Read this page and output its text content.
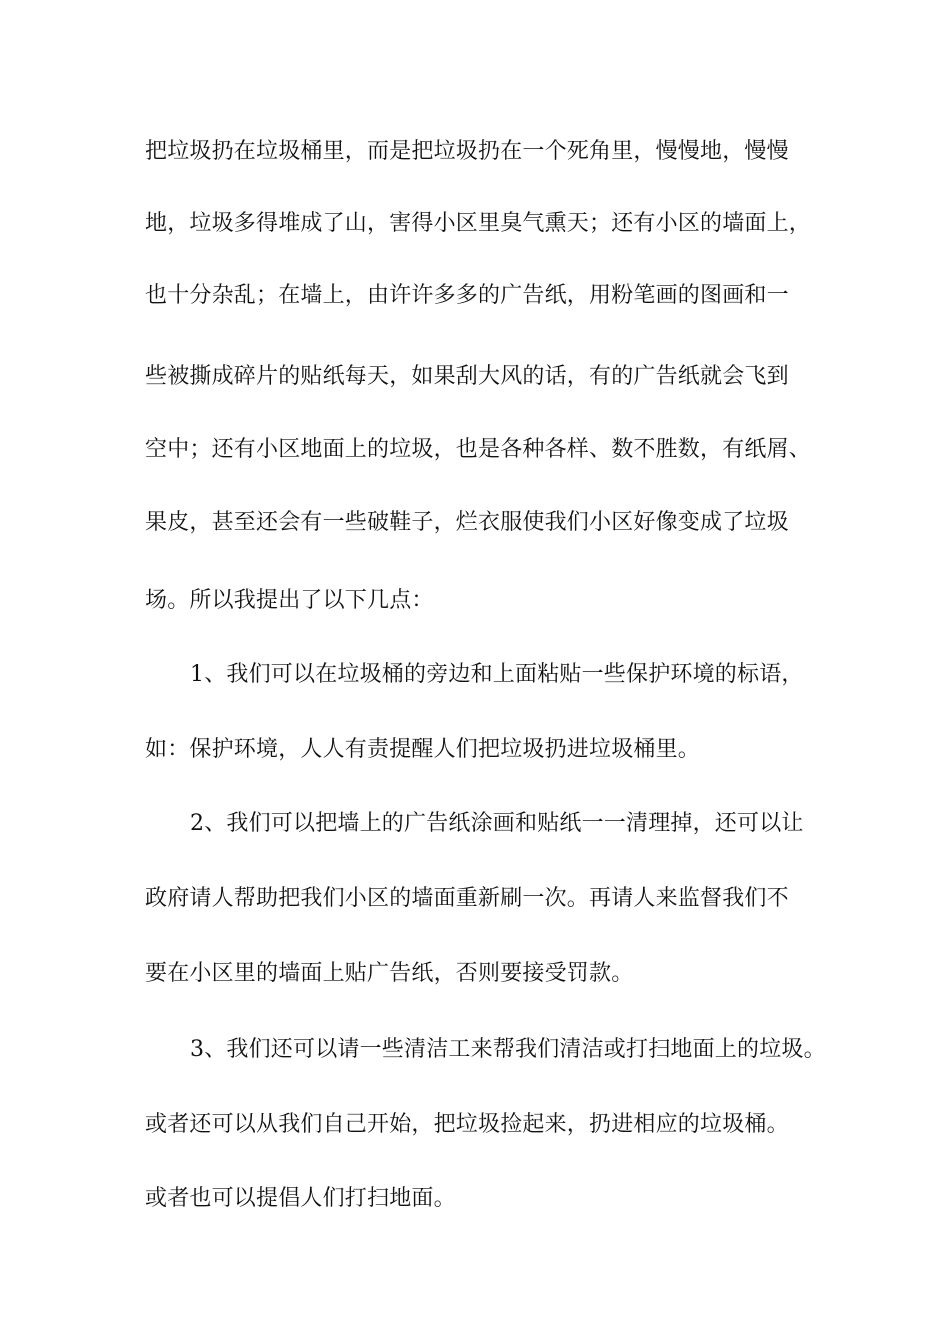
把垃圾扔在垃圾桶里，而是把垃圾扔在一个死角里，慢慢地，慢慢
地，垃圾多得堆成了山，害得小区里臭气熏天；还有小区的墙面上，
也十分杂乱；在墙上，由许许多多的广告纸，用粉笔画的图画和一
些被撕成碎片的贴纸每天，如果刮大风的话，有的广告纸就会飞到
空中；还有小区地面上的垃圾，也是各种各样、数不胜数，有纸屑、
果皮，甚至还会有一些破鞋子，烂衣服使我们小区好像变成了垃圾
场。所以我提出了以下几点：
1、我们可以在垃圾桶的旁边和上面粘贴一些保护环境的标语，
如：保护环境，人人有责提醒人们把垃圾扔进垃圾桶里。
2、我们可以把墙上的广告纸涂画和贴纸一一清理掉，还可以让
政府请人帮助把我们小区的墙面重新刷一次。再请人来监督我们不
要在小区里的墙面上贴广告纸，否则要接受罚款。
3、我们还可以请一些清洁工来帮我们清洁或打扫地面上的垃圾。
或者还可以从我们自己开始，把垃圾捡起来，扔进相应的垃圾桶。
或者也可以提倡人们打扫地面。
